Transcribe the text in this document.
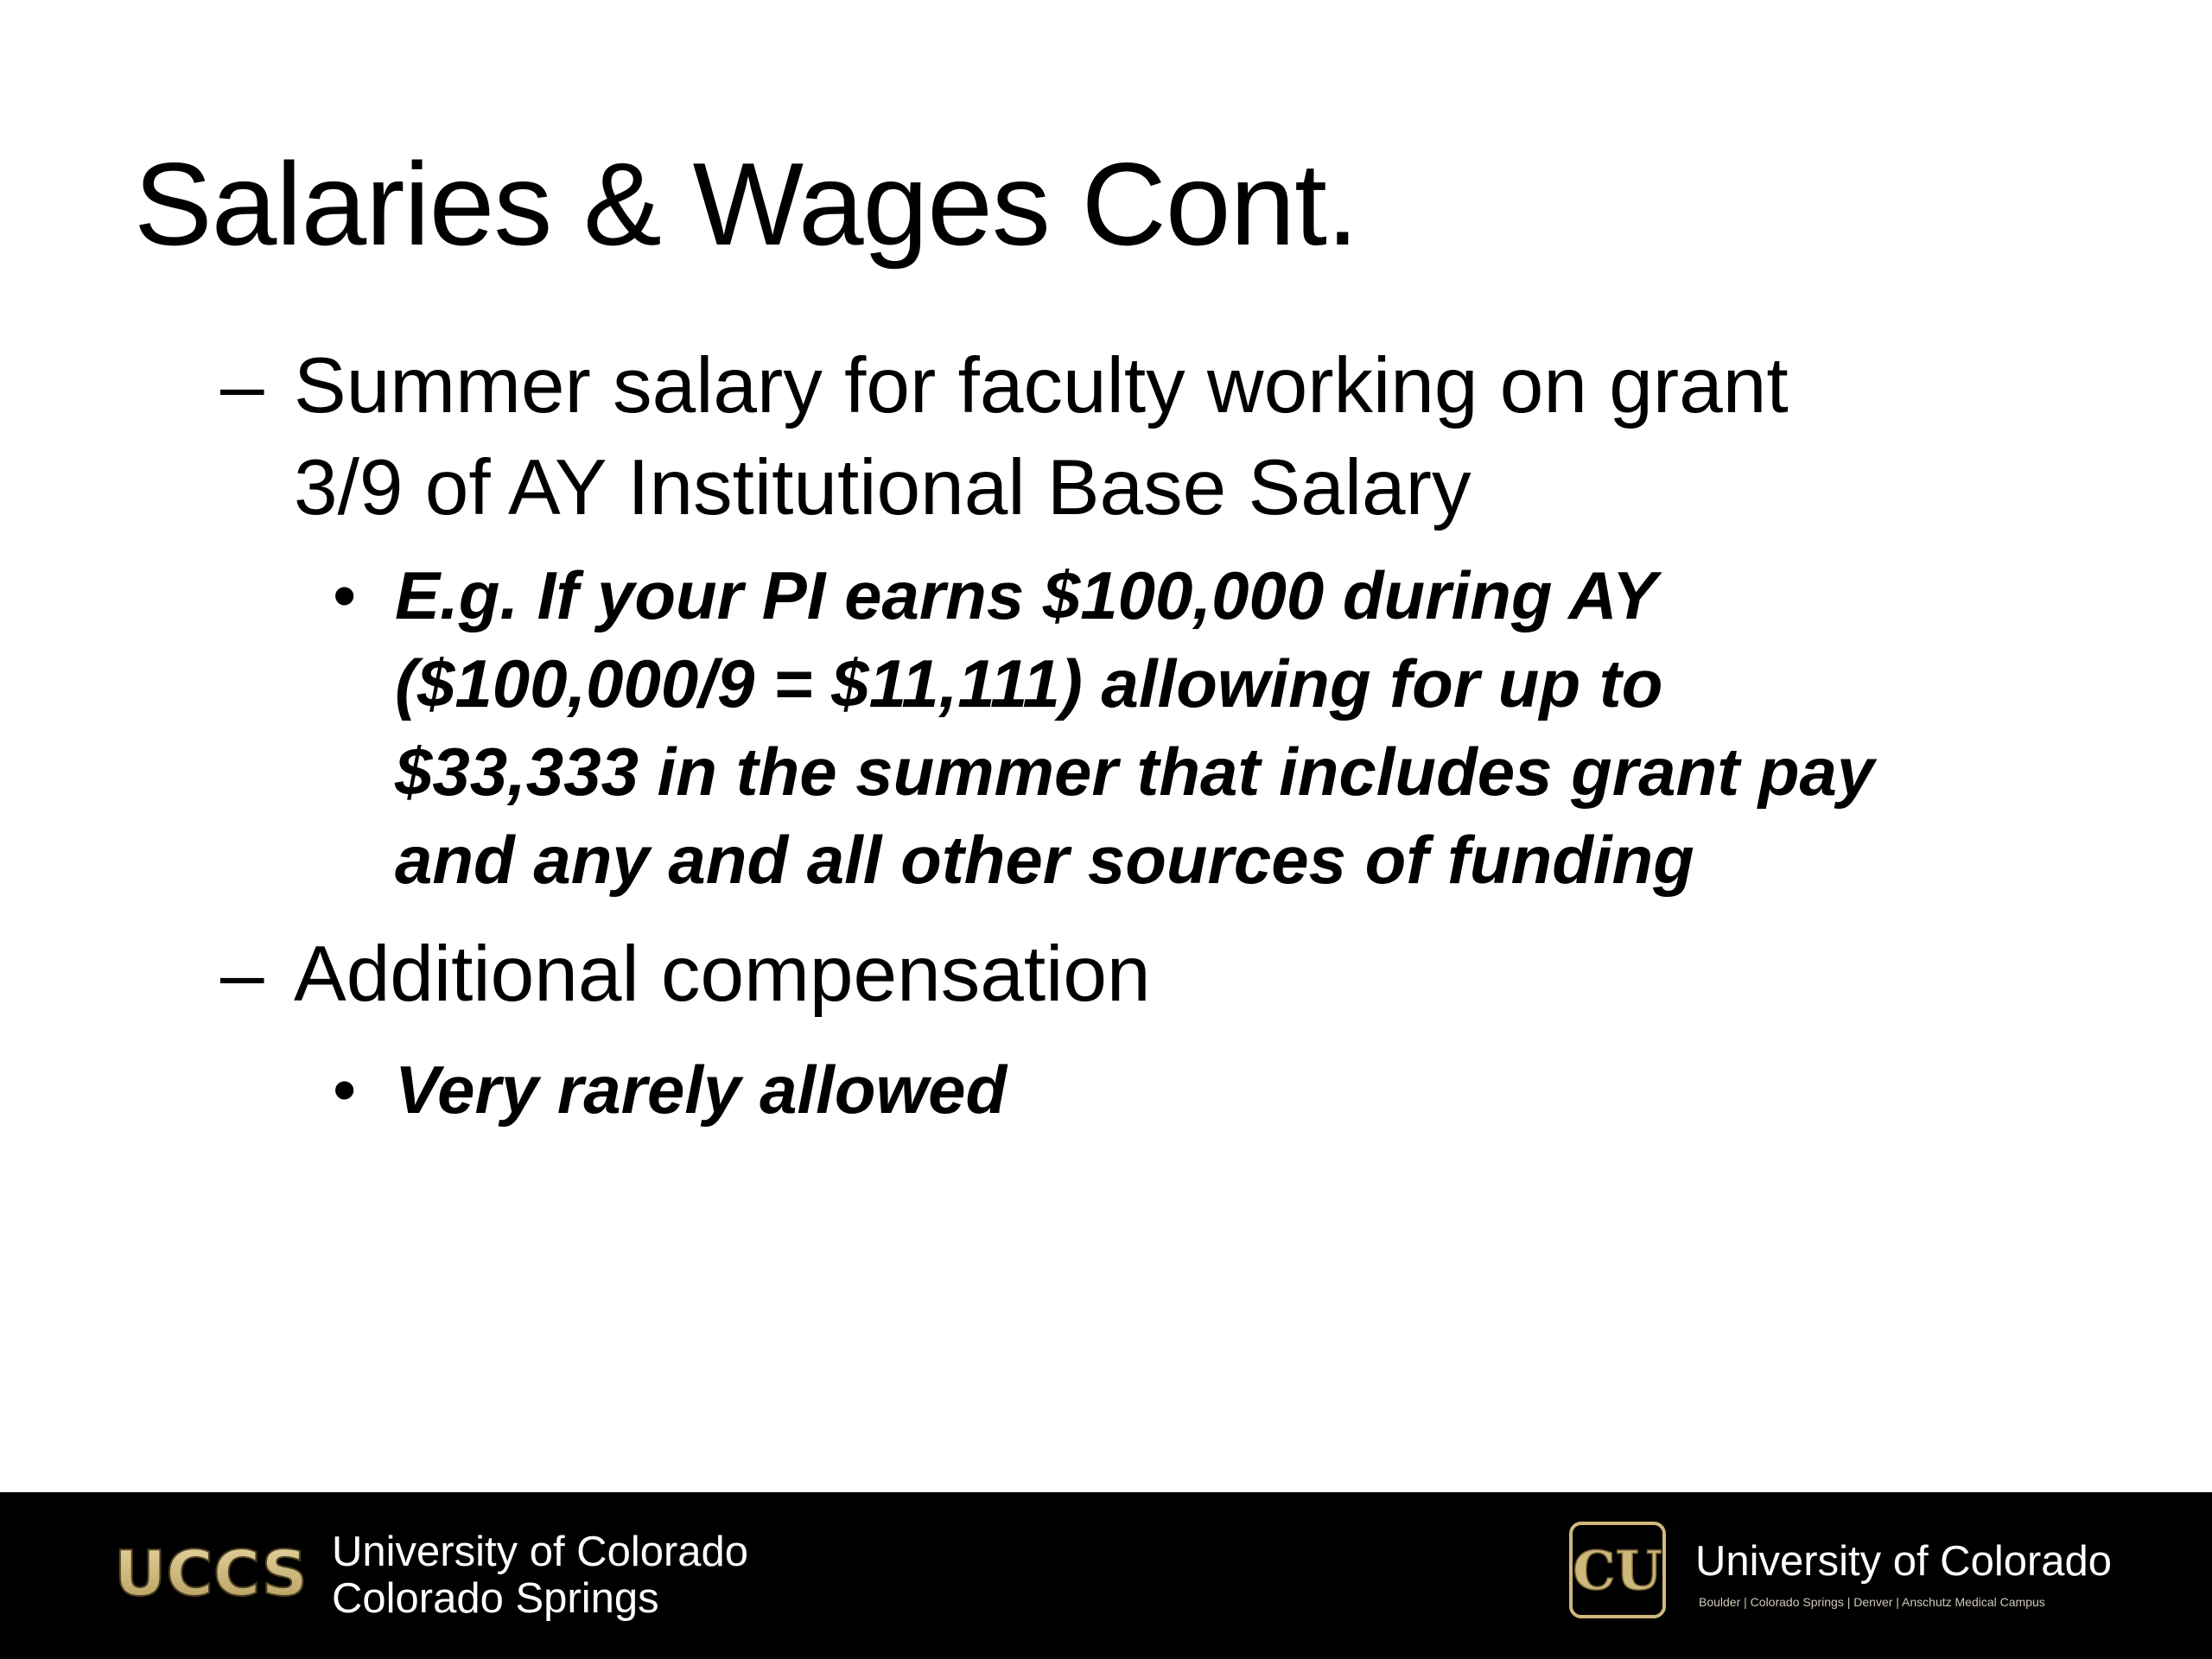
Salaries & Wages Cont.
– Summer salary for faculty working on grant
3/9 of AY Institutional Base Salary
• E.g. If your PI earns $100,000 during AY
($100,000/9 = $11,111) allowing for up to
$33,333 in the summer that includes grant pay
and any and all other sources of funding
– Additional compensation
• Very rarely allowed
UCCS University of Colorado
Colorado Springs	CU University of Colorado
Boulder | Colorado Springs | Denver | Anschutz Medical Campus
